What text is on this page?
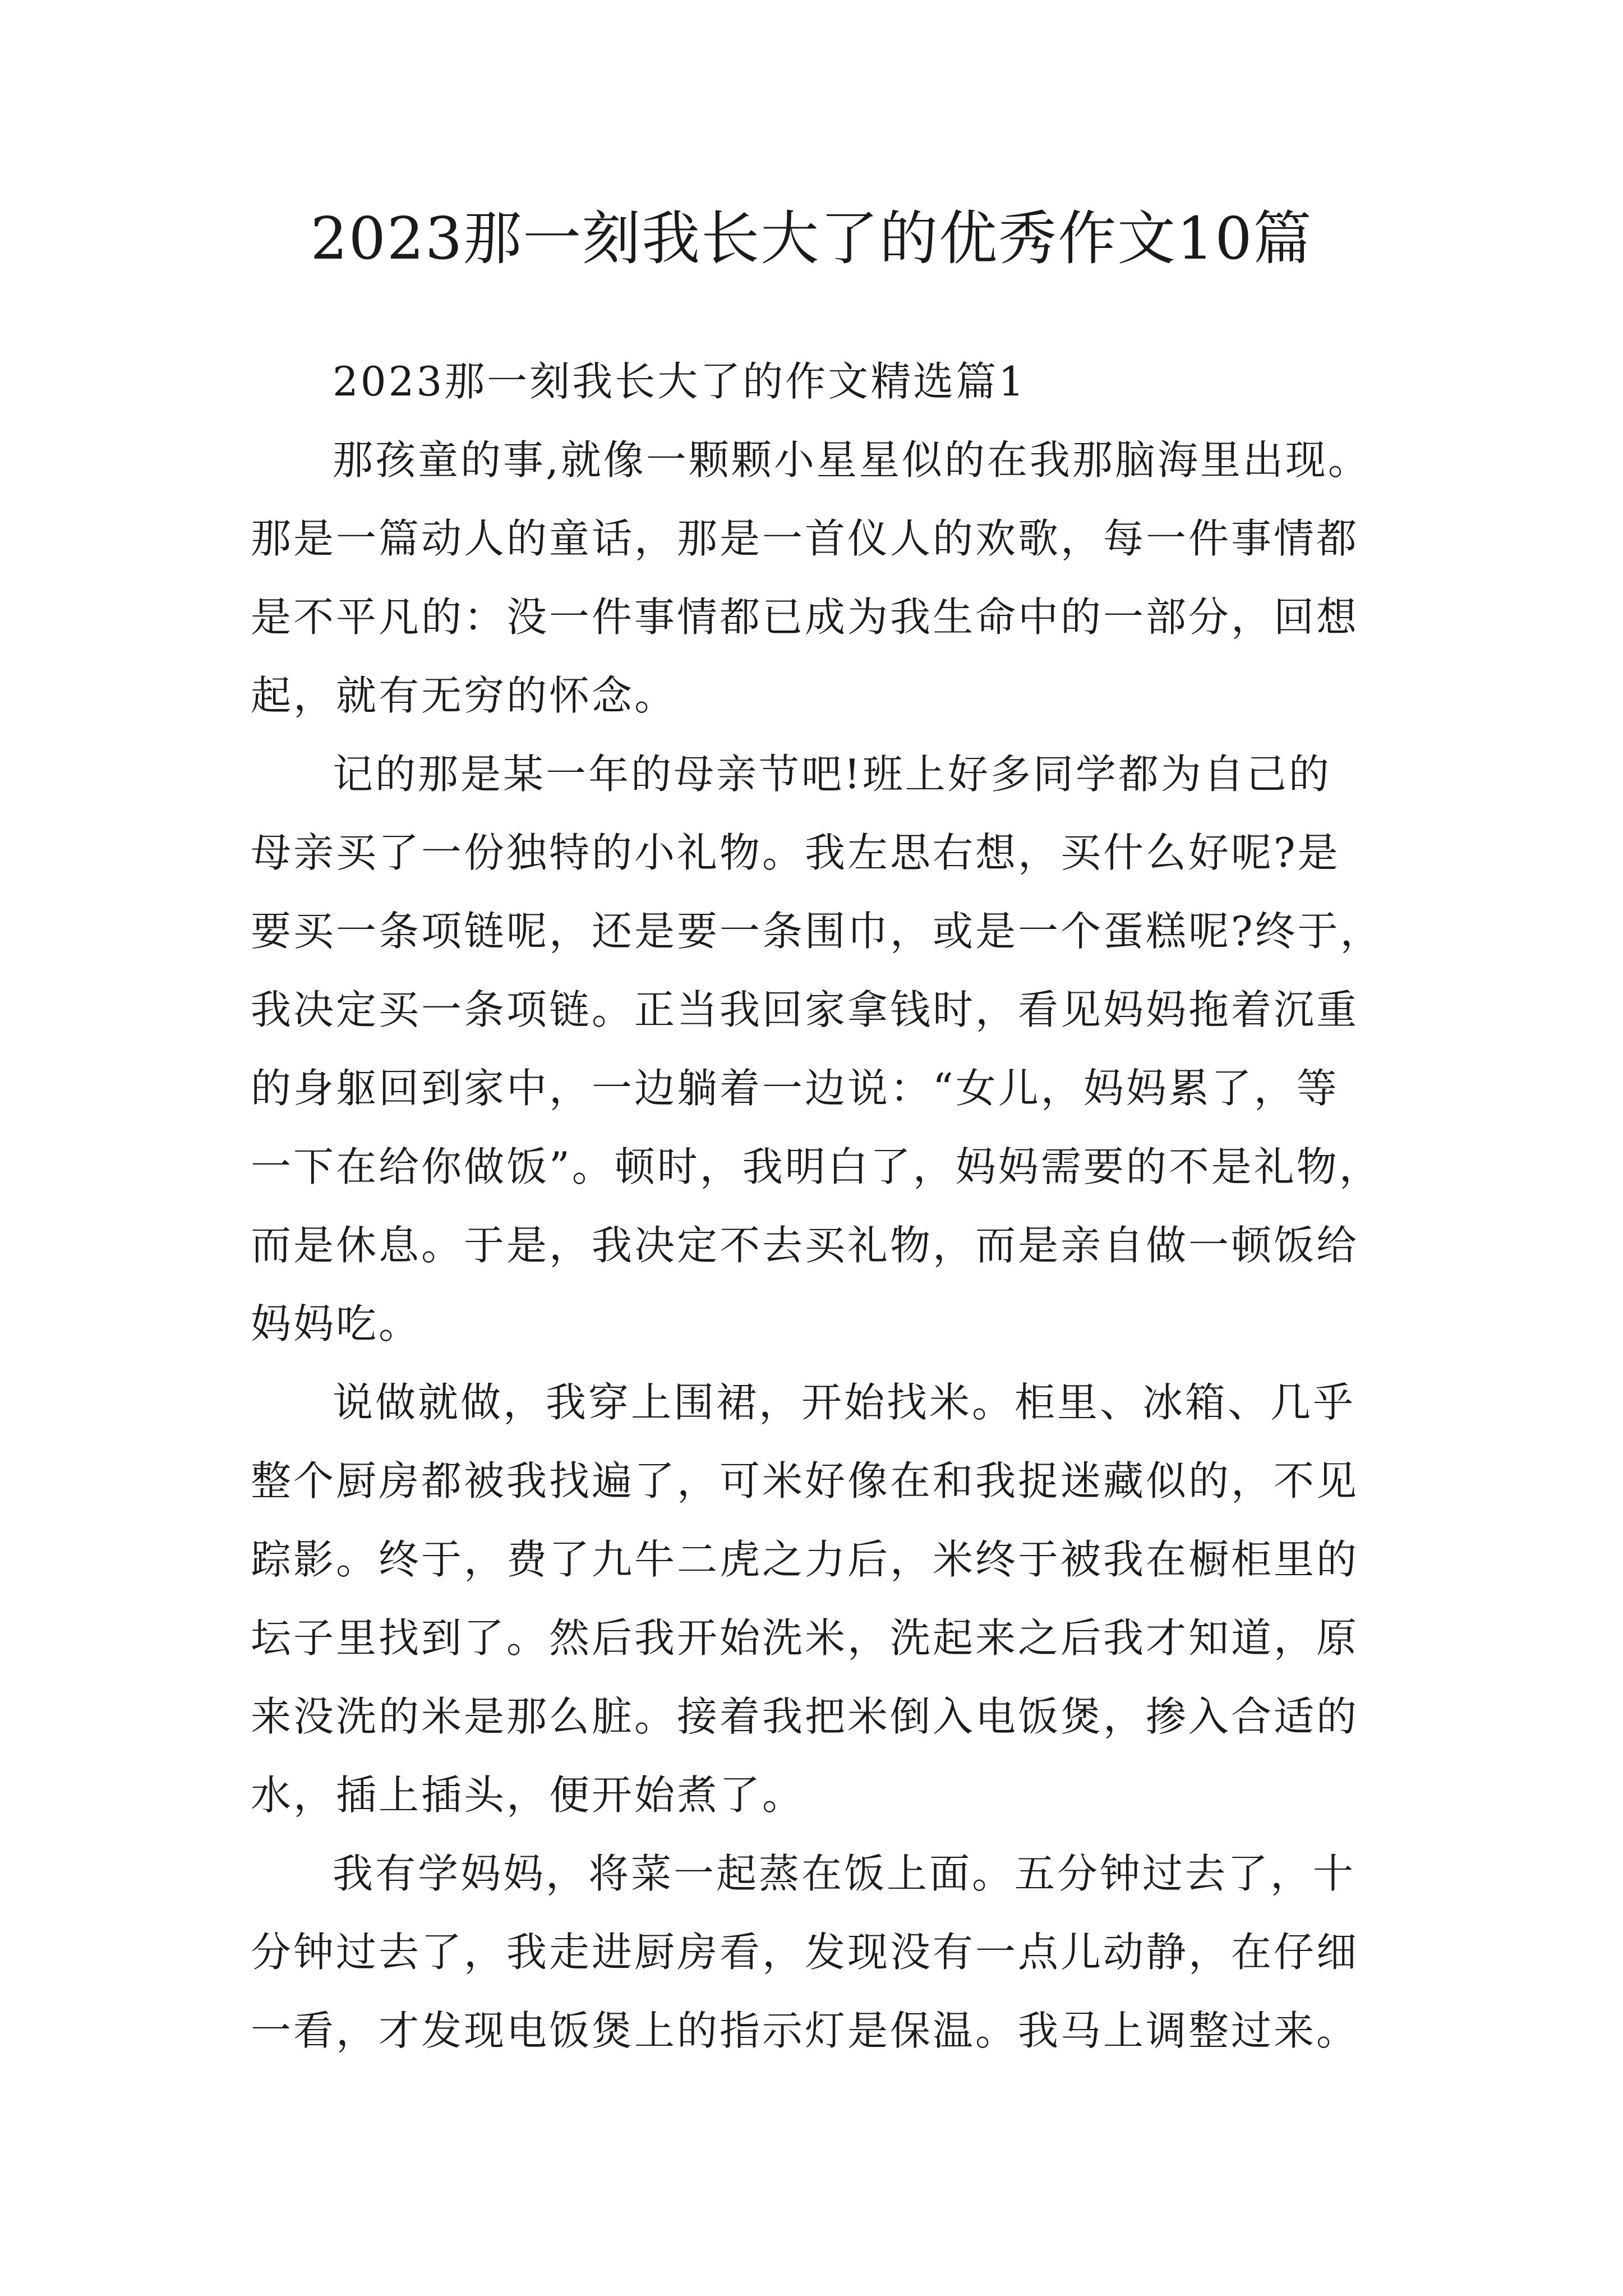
2023那一刻我长大了的优秀作文10篇

2023那一刻我长大了的作文精选篇1

那孩童的事,就像一颗颗小星星似的在我那脑海里出现。
那是一篇动人的童话，那是一首仪人的欢歌，每一件事情都
是不平凡的：没一件事情都已成为我生命中的一部分，回想
起，就有无穷的怀念。

记的那是某一年的母亲节吧!班上好多同学都为自己的
母亲买了一份独特的小礼物。我左思右想，买什么好呢?是
要买一条项链呢，还是要一条围巾，或是一个蛋糕呢?终于，
我决定买一条项链。正当我回家拿钱时，看见妈妈拖着沉重
的身躯回到家中，一边躺着一边说：“女儿，妈妈累了，等
一下在给你做饭”。顿时，我明白了，妈妈需要的不是礼物，
而是休息。于是，我决定不去买礼物，而是亲自做一顿饭给
妈妈吃。

说做就做，我穿上围裙，开始找米。柜里、冰箱、几乎
整个厨房都被我找遍了，可米好像在和我捉迷藏似的，不见
踪影。终于，费了九牛二虎之力后，米终于被我在橱柜里的
坛子里找到了。然后我开始洗米，洗起来之后我才知道，原
来没洗的米是那么脏。接着我把米倒入电饭煲，掺入合适的
水，插上插头，便开始煮了。

我有学妈妈，将菜一起蒸在饭上面。五分钟过去了，十
分钟过去了，我走进厨房看，发现没有一点儿动静，在仔细
一看，才发现电饭煲上的指示灯是保温。我马上调整过来。
